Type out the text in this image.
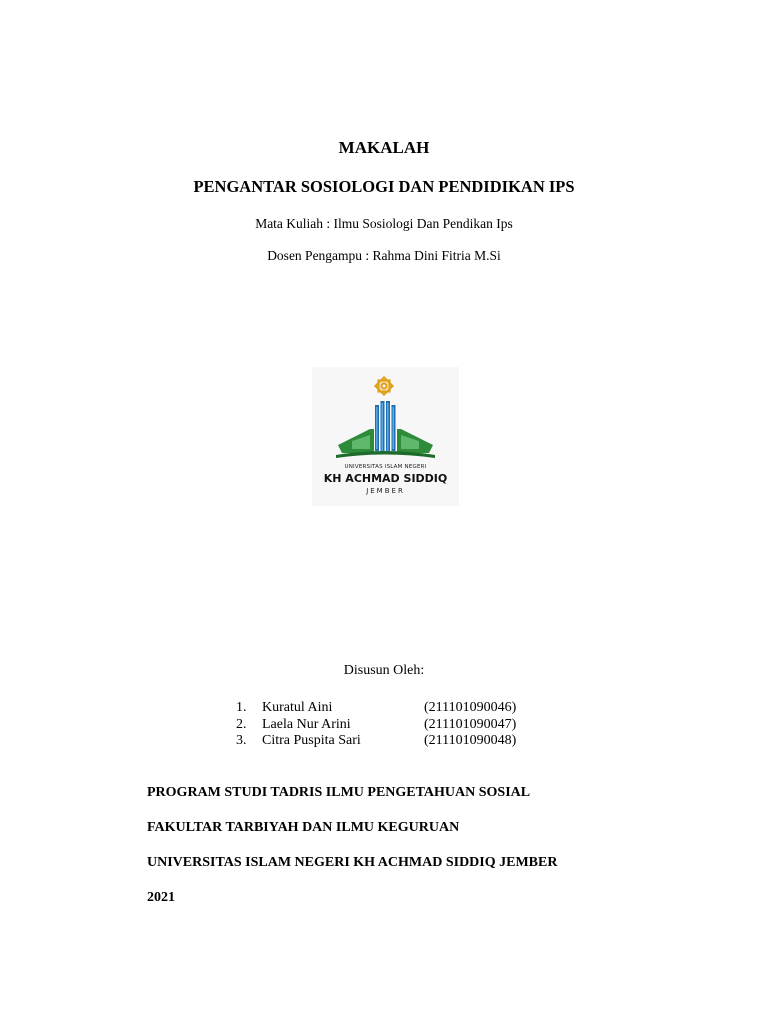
MAKALAH
PENGANTAR SOSIOLOGI DAN PENDIDIKAN IPS
Mata Kuliah : Ilmu Sosiologi Dan Pendikan Ips
Dosen Pengampu : Rahma Dini Fitria M.Si
UNIVERSITAS ISLAM NEGERI
KH ACHMAD SIDDIQ
JEMBER
Disusun Oleh:
1. Kuratul Aini	(211101090046)
2. Laela Nur Arini	(211101090047)
3. Citra Puspita Sari	(211101090048)
PROGRAM STUDI TADRIS ILMU PENGETAHUAN SOSIAL
FAKULTAR TARBIYAH DAN ILMU KEGURUAN
UNIVERSITAS ISLAM NEGERI KH ACHMAD SIDDIQ JEMBER
2021
